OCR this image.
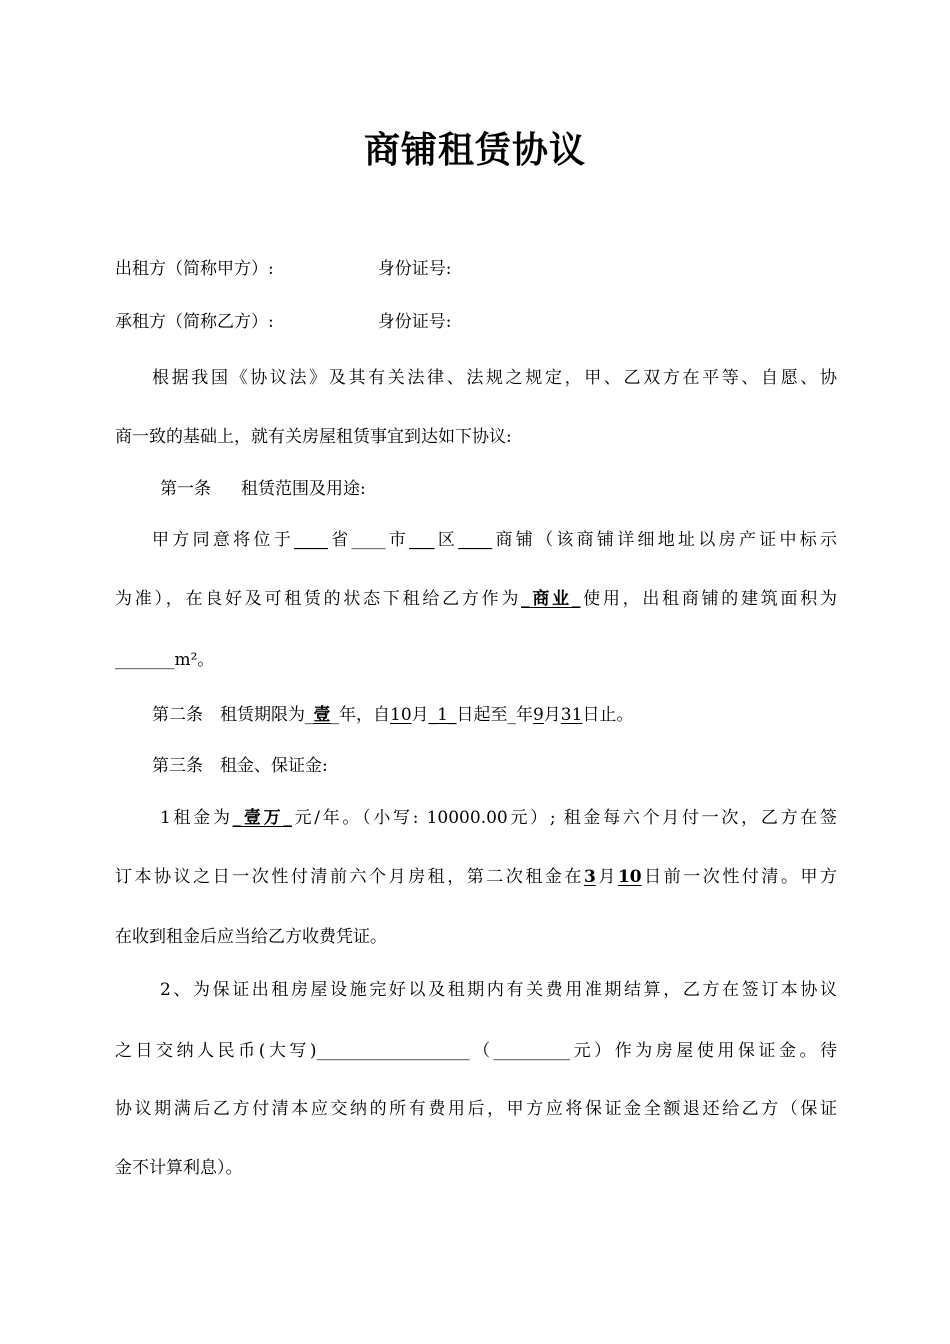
商铺租赁协议
出租方（简称甲方）:	身份证号:
承租方（简称乙方）:	身份证号:
根据我国《协议法》及其有关法律、法规之规定，甲、乙双方在平等、自愿、协
商一致的基础上，就有关房屋租赁事宜到达如下协议:
第一条 租赁范围及用途:
甲方同意将位于____省____市___区____商铺（该商铺详细地址以房产证中标示
为准），在良好及可租赁的状态下租给乙方作为_商业_使用，出租商铺的建筑面积为
_______m²。
第二条　租赁期限为_壹_年，自10月_1_日起至_年9月31日止。
第三条　租金、保证金:
1租金为_壹万_元/年。（小写: 10000.00元）; 租金每六个月付一次，乙方在签
订本协议之日一次性付清前六个月房租，第二次租金在3月10日前一次性付清。甲方
在收到租金后应当给乙方收费凭证。
2、为保证出租房屋设施完好以及租期内有关费用准期结算，乙方在签订本协议
之日交纳人民币(大写)__________________（_________元）作为房屋使用保证金。待
协议期满后乙方付清本应交纳的所有费用后，甲方应将保证金全额退还给乙方（保证
金不计算利息）。
